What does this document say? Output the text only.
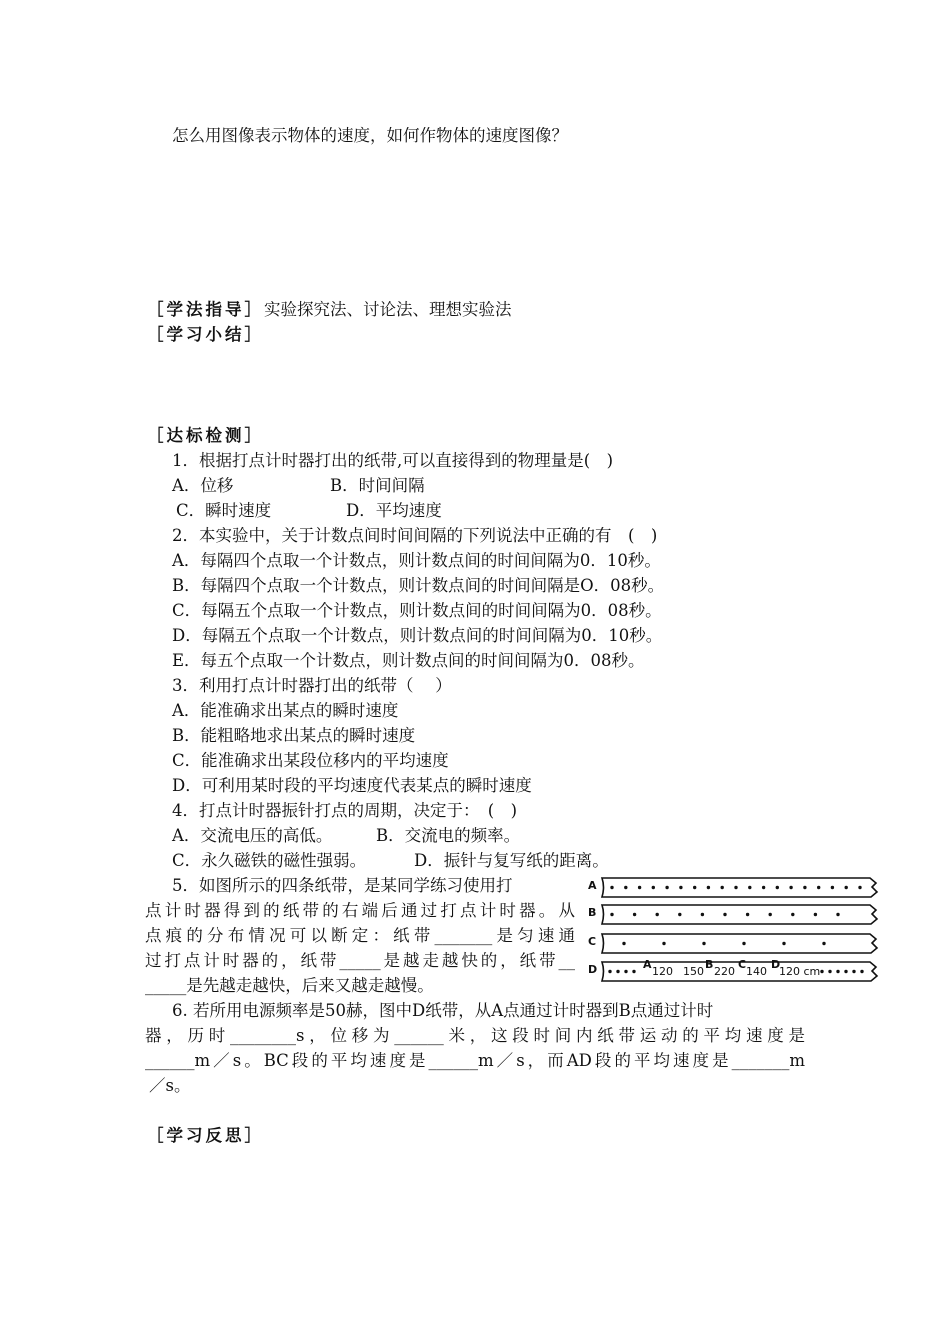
怎么用图像表示物体的速度，如何作物体的速度图像？
［学法指导］实验探究法、讨论法、理想实验法
［学习小结］
［达标检测］
1．根据打点计时器打出的纸带,可以直接得到的物理量是(　)
A．位移	B．时间间隔
C．瞬时速度	D．平均速度
2．本实验中，关于计数点间时间间隔的下列说法中正确的有　(　)
A．每隔四个点取一个计数点，则计数点间的时间间隔为0．10秒。
B．每隔四个点取一个计数点，则计数点间的时间间隔是O．08秒。
C．每隔五个点取一个计数点，则计数点间的时间间隔为0．08秒。
D．每隔五个点取一个计数点，则计数点间的时间间隔为0．10秒。
E．每五个点取一个计数点，则计数点间的时间间隔为0．08秒。
3．利用打点计时器打出的纸带（　 ）
A．能准确求出某点的瞬时速度
B．能粗略地求出某点的瞬时速度
C．能准确求出某段位移内的平均速度
D．可利用某时段的平均速度代表某点的瞬时速度
4．打点计时器振针打点的周期，决定于：　(　)
A．交流电压的高低。	B．交流电的频率。
C．永久磁铁的磁性强弱。	D．振针与复写纸的距离。
5．如图所示的四条纸带，是某同学练习使用打
点计时器得到的纸带的右端后通过打点计时器。从
点痕的分布情况可以断定：纸带_______是匀速通
过打点计时器的，纸带_____是越走越快的，纸带__
_____是先越走越快，后来又越走越慢。
A
B
C
D	A
120
B
150 220
C
140
D
120 cm
6. 若所用电源频率是50赫，图中D纸带，从A点通过计时器到B点通过计时
器，历时________s，位移为______米，这段时间内纸带运动的平均速度是
______m／s。BC段的平均速度是______m／s，而AD段的平均速度是_______m
／s。
［学习反思］
